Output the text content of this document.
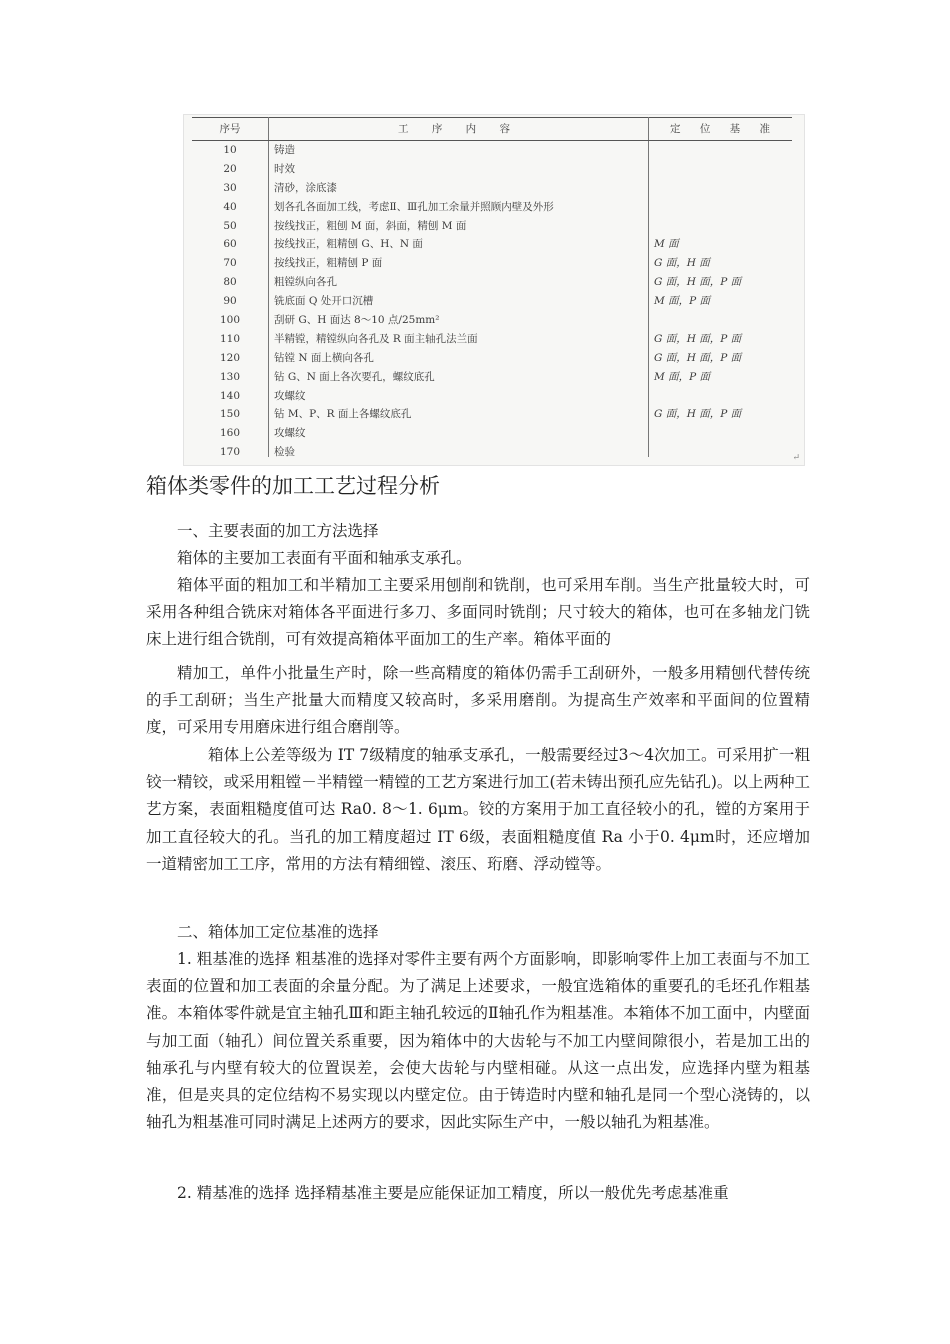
序号	工 序 内 容	定 位 基 准
10	铸造
20	时效
30	清砂，涂底漆
40	划各孔各面加工线，考虑Ⅱ、Ⅲ孔加工余量并照顾内壁及外形
50	按线找正，粗刨 M 面，斜面，精刨 M 面
60	按线找正，粗精刨 G、H、N 面	M 面
70	按线找正，粗精刨 P 面	G 面，H 面
80	粗镗纵向各孔	G 面，H 面，P 面
90	铣底面 Q 处开口沉槽	M 面，P 面
100	刮研 G、H 面达 8～10 点/25mm²
110	半精镗，精镗纵向各孔及 R 面主轴孔法兰面	G 面，H 面，P 面
120	钻镗 N 面上横向各孔	G 面，H 面，P 面
130	钻 G、N 面上各次要孔，螺纹底孔	M 面，P 面
140	攻螺纹
150	钻 M、P、R 面上各螺纹底孔	G 面，H 面，P 面
160	攻螺纹
170	检验	↵
箱体类零件的加工工艺过程分析
一、主要表面的加工方法选择
箱体的主要加工表面有平面和轴承支承孔。
箱体平面的粗加工和半精加工主要采用刨削和铣削，也可采用车削。当生产批量较大时，可采用各种组合铣床对箱体各平面进行多刀、多面同时铣削；尺寸较大的箱体，也可在多轴龙门铣床上进行组合铣削，可有效提高箱体平面加工的生产率。箱体平面的
精加工，单件小批量生产时，除一些高精度的箱体仍需手工刮研外，一般多用精刨代替传统的手工刮研；当生产批量大而精度又较高时，多采用磨削。为提高生产效率和平面间的位置精度，可采用专用磨床进行组合磨削等。
箱体上公差等级为 IT 7级精度的轴承支承孔，一般需要经过3～4次加工。可采用扩一粗铰一精铰，或采用粗镗－半精镗一精镗的工艺方案进行加工(若未铸出预孔应先钻孔)。以上两种工艺方案，表面粗糙度值可达 Ra0. 8～1. 6μm。铰的方案用于加工直径较小的孔，镗的方案用于加工直径较大的孔。当孔的加工精度超过 IT 6级，表面粗糙度值 Ra 小于0. 4μm时，还应增加一道精密加工工序，常用的方法有精细镗、滚压、珩磨、浮动镗等。
二、箱体加工定位基准的选择
1. 粗基准的选择 粗基准的选择对零件主要有两个方面影响，即影响零件上加工表面与不加工表面的位置和加工表面的余量分配。为了满足上述要求，一般宜选箱体的重要孔的毛坯孔作粗基准。本箱体零件就是宜主轴孔Ⅲ和距主轴孔较远的Ⅱ轴孔作为粗基准。本箱体不加工面中，内壁面与加工面（轴孔）间位置关系重要，因为箱体中的大齿轮与不加工内壁间隙很小，若是加工出的轴承孔与内壁有较大的位置误差，会使大齿轮与内壁相碰。从这一点出发，应选择内壁为粗基准，但是夹具的定位结构不易实现以内壁定位。由于铸造时内壁和轴孔是同一个型心浇铸的，以轴孔为粗基准可同时满足上述两方的要求，因此实际生产中，一般以轴孔为粗基准。
2. 精基准的选择 选择精基准主要是应能保证加工精度，所以一般优先考虑基准重
